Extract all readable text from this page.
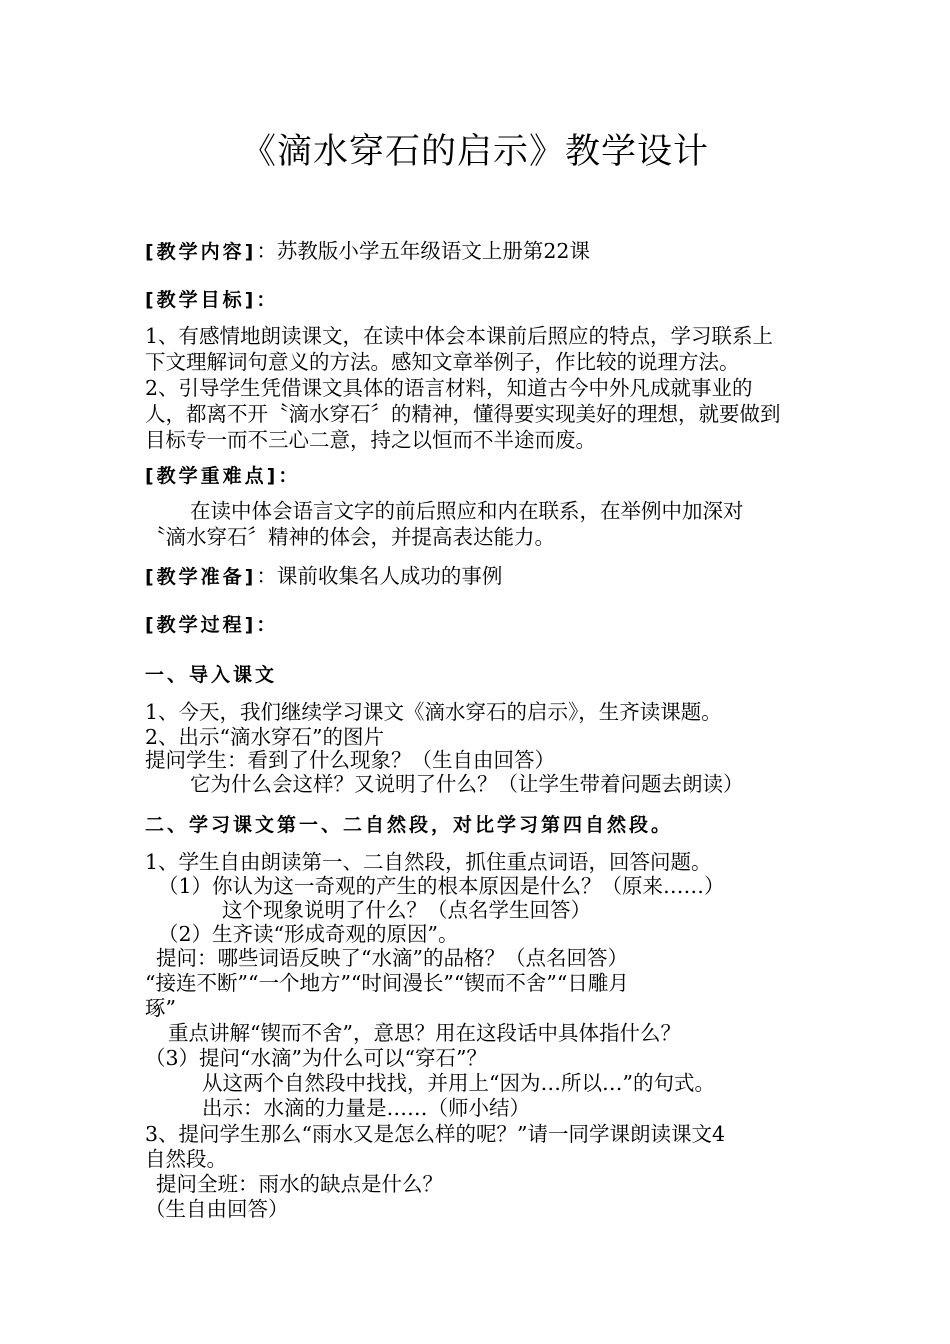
《滴水穿石的启示》教学设计
[教学内容]：苏教版小学五年级语文上册第22课
[教学目标]：
1、有感情地朗读课文，在读中体会本课前后照应的特点，学习联系上
下文理解词句意义的方法。感知文章举例子，作比较的说理方法。
2、引导学生凭借课文具体的语言材料，知道古今中外凡成就事业的
人，都离不开〝滴水穿石〞的精神，懂得要实现美好的理想，就要做到
目标专一而不三心二意，持之以恒而不半途而废。
[教学重难点]：
在读中体会语言文字的前后照应和内在联系，在举例中加深对
〝滴水穿石〞精神的体会，并提高表达能力。
[教学准备]：课前收集名人成功的事例
[教学过程]：
一、导入课文
1、今天，我们继续学习课文《滴水穿石的启示》，生齐读课题。
2、出示“滴水穿石”的图片
提问学生：看到了什么现象？（生自由回答）
它为什么会这样？又说明了什么？（让学生带着问题去朗读）
二、学习课文第一、二自然段，对比学习第四自然段。
1、学生自由朗读第一、二自然段，抓住重点词语，回答问题。
（1）你认为这一奇观的产生的根本原因是什么？（原来……）
这个现象说明了什么？（点名学生回答）
（2）生齐读“形成奇观的原因”。
提问：哪些词语反映了“水滴”的品格？（点名回答）
“接连不断”“一个地方”“时间漫长”“锲而不舍”“日雕月
琢”
重点讲解“锲而不舍”，意思？用在这段话中具体指什么？
（3）提问“水滴”为什么可以“穿石”？
从这两个自然段中找找，并用上“因为…所以…”的句式。
出示：水滴的力量是……（师小结）
3、提问学生那么“雨水又是怎么样的呢？”请一同学课朗读课文4
自然段。
提问全班：雨水的缺点是什么？
（生自由回答）
